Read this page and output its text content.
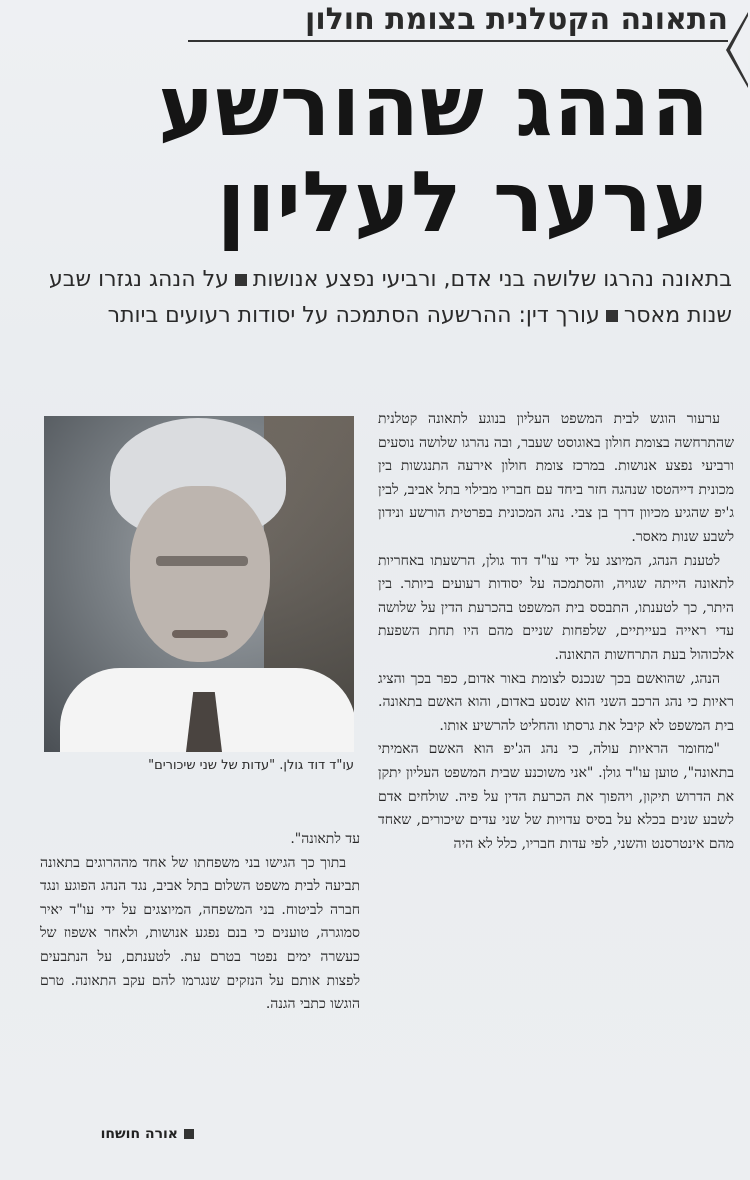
התאונה הקטלנית בצומת חולון
הנהג שהורשע
ערער לעליון
בתאונה נהרגו שלושה בני אדם, ורביעי נפצע אנושותעל הנהג נגזרו שבע שנות מאסרעורך דין: ההרשעה הסתמכה על יסודות רעועים ביותר

ערעור הוגש לבית המשפט העליון בנוגע לתאונה קטלנית שהתרחשה בצומת חולון באוגוסט שעבר, ובה נהרגו שלושה נוסעים ורביעי נפצע אנושות. במרכז צומת חולון אירעה התנגשות בין מכונית דייהטסו שנהגה חזר ביחד עם חבריו מבילוי בתל אביב, לבין ג'יפ שהגיע מכיוון דרך בן צבי. נהג המכונית בפרטית הורשע ונידון לשבע שנות מאסר.

לטענת הנהג, המיוצג על ידי עו"ד דוד גולן, הרשעתו באחריות לתאונה הייתה שגויה, והסתמכה על יסודות רעועים ביותר. בין היתר, כך לטענתו, התבסס בית המשפט בהכרעת הדין על שלושה עדי ראייה בעייתיים, שלפחות שניים מהם היו תחת השפעת אלכוהול בעת התרחשות התאונה.

הנהג, שהואשם בכך שנכנס לצומת באור אדום, כפר בכך והציג ראיות כי נהג הרכב השני הוא שנסע באדום, והוא האשם בתאונה. בית המשפט לא קיבל את גרסתו והחליט להרשיע אותו.

"מחומר הראיות עולה, כי נהג הג'יפ הוא האשם האמיתי בתאונה", טוען עו"ד גולן. "אני משוכנע שבית המשפט העליון יתקן את הדרוש תיקון, ויהפוך את הכרעת הדין על פיה. שולחים אדם לשבע שנים בכלא על בסיס עדויות של שני עדים שיכורים, שאחד מהם אינטרסנט והשני, לפי עדות חבריו, כלל לא היה

עו"ד דוד גולן. "עדות של שני שיכורים"

עד לתאונה".

בתוך כך הגישו בני משפחתו של אחד מההרוגים בתאונה תביעה לבית משפט השלום בתל אביב, נגד הנהג הפוגע ונגד חברה לביטוח. בני המשפחה, המיוצגים על ידי עו"ד יאיר סמוגרה, טוענים כי בנם נפגע אנושות, ולאחר אשפוז של כעשרה ימים נפטר בטרם עת. לטענתם, על הנתבעים לפצות אותם על הנזקים שנגרמו להם עקב התאונה. טרם הוגשו כתבי הגנה.

אורה חושחו
